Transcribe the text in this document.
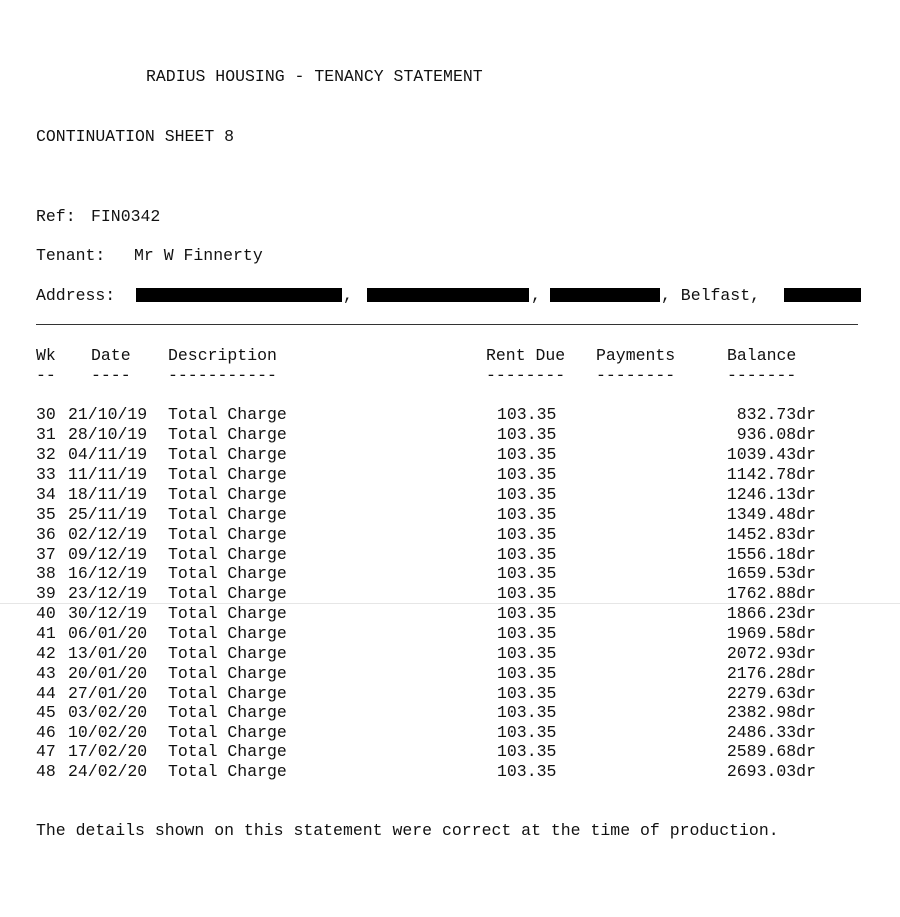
RADIUS HOUSING - TENANCY STATEMENT
CONTINUATION SHEET 8
Ref: FIN0342
Tenant: Mr W Finnerty
Address:	,	,	, Belfast,
Wk Date Description	Rent Due Payments	Balance
-- ---- -----------	-------- --------	-------
30 21/10/19 Total Charge	103.35	832.73dr
31 28/10/19 Total Charge	103.35	936.08dr
32 04/11/19 Total Charge	103.35	1039.43dr
33 11/11/19 Total Charge	103.35	1142.78dr
34 18/11/19 Total Charge	103.35	1246.13dr
35 25/11/19 Total Charge	103.35	1349.48dr
36 02/12/19 Total Charge	103.35	1452.83dr
37 09/12/19 Total Charge	103.35	1556.18dr
38 16/12/19 Total Charge	103.35	1659.53dr
39 23/12/19 Total Charge	103.35	1762.88dr
40 30/12/19 Total Charge	103.35	1866.23dr
41 06/01/20 Total Charge	103.35	1969.58dr
42 13/01/20 Total Charge	103.35	2072.93dr
43 20/01/20 Total Charge	103.35	2176.28dr
44 27/01/20 Total Charge	103.35	2279.63dr
45 03/02/20 Total Charge	103.35	2382.98dr
46 10/02/20 Total Charge	103.35	2486.33dr
47 17/02/20 Total Charge	103.35	2589.68dr
48 24/02/20 Total Charge	103.35	2693.03dr
The details shown on this statement were correct at the time of production.
